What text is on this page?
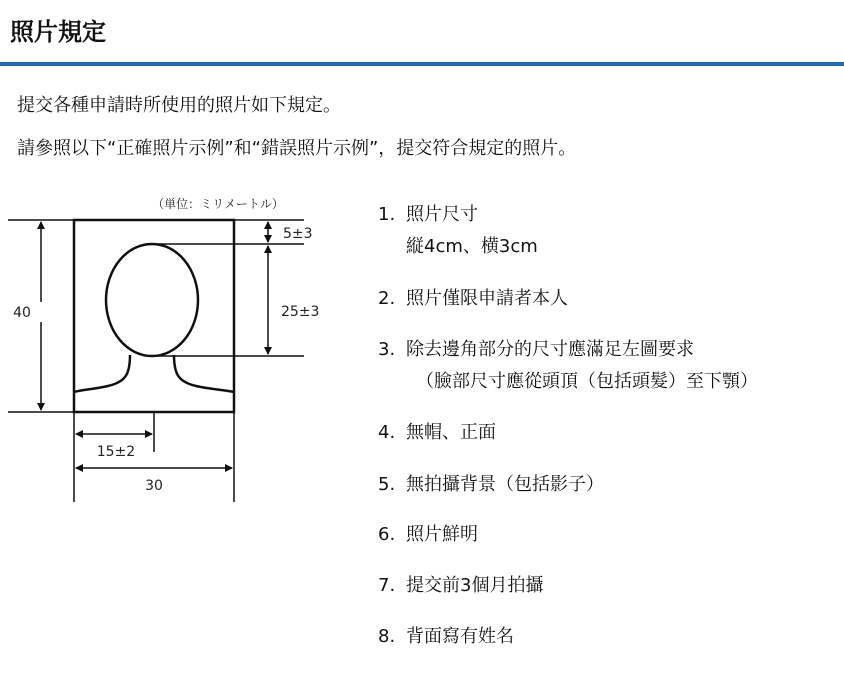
照片規定

提交各種申請時所使用的照片如下規定。

請參照以下“正確照片示例”和“錯誤照片示例”，提交符合規定的照片。

（単位：ミリメートル）
40
5±3
25±3
15±2
30
1. 照片尺寸
縦4cm、横3cm
2. 照片僅限申請者本人
3. 除去邊角部分的尺寸應滿足左圖要求
（臉部尺寸應從頭頂（包括頭髮）至下顎）
4. 無帽、正面
5. 無拍攝背景（包括影子）
6. 照片鮮明
7. 提交前3個月拍攝
8. 背面寫有姓名
